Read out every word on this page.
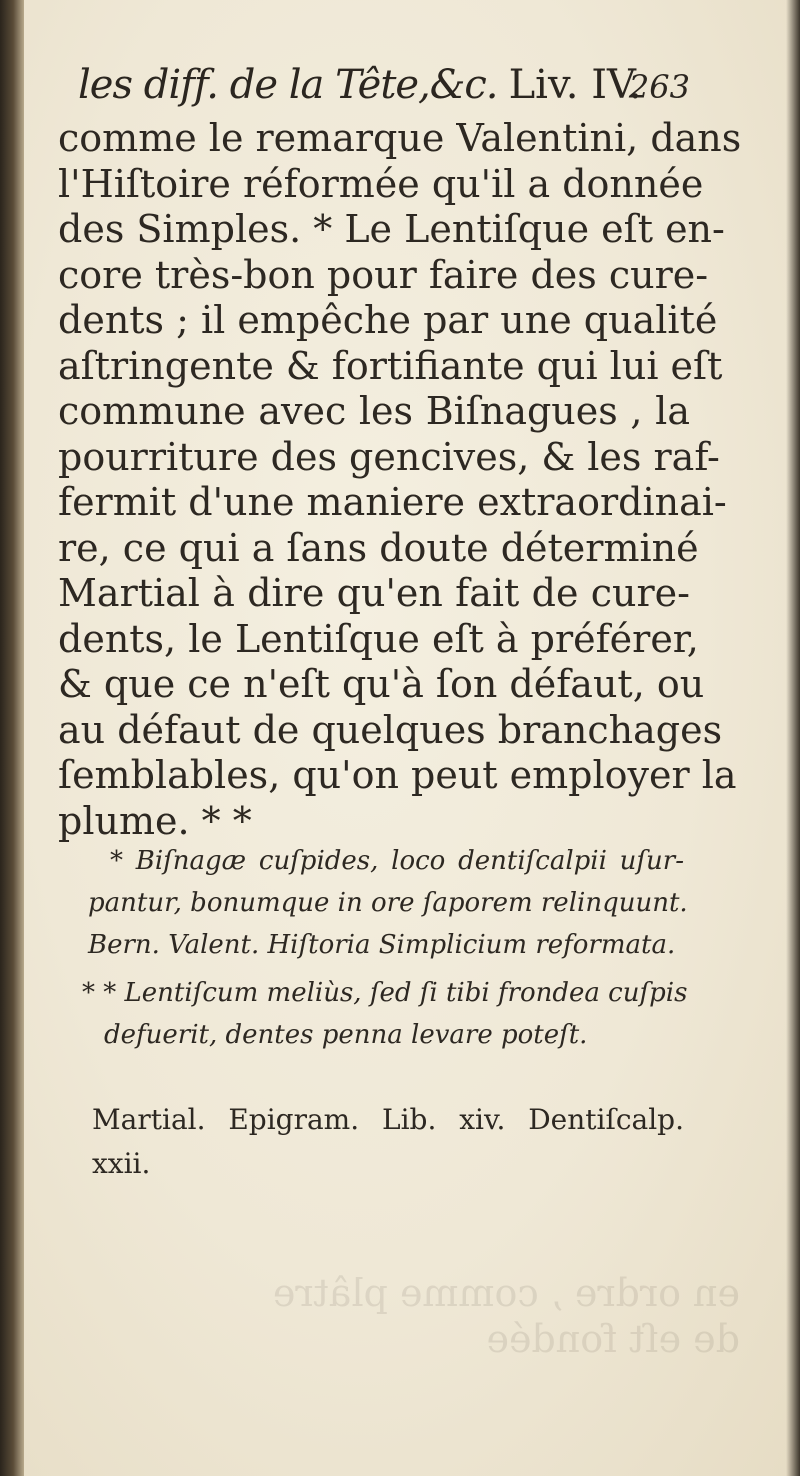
les diff. de la Tête,&c. Liv. IV.
263
comme le remarque Valentini, dans
l'Hiſtoire réformée qu'il a donnée
des Simples. * Le Lentiſque eſt en-
core très-bon pour faire des cure-
dents ; il empêche par une qualité
aſtringente & fortifiante qui lui eſt
commune avec les Biſnagues , la
pourriture des gencives, & les raf-
fermit d'une maniere extraordinai-
re, ce qui a ſans doute déterminé
Martial à dire qu'en fait de cure-
dents, le Lentiſque eſt à préférer,
& que ce n'eſt qu'à ſon défaut, ou
au défaut de quelques branchages
ſemblables, qu'on peut employer la
plume. * *
* Biſnagæ cuſpides, loco dentiſcalpii uſur-
pantur, bonumque in ore ſaporem relinquunt.
Bern. Valent. Hiſtoria Simplicium reformata.
* * Lentiſcum meliùs, ſed ſi tibi frondea cuſpis
defuerit, dentes penna levare poteſt.
Martial. Epigram. Lib. xiv. Dentiſcalp.
xxii.
en ordre , comme plâtre
de eſt fondée
